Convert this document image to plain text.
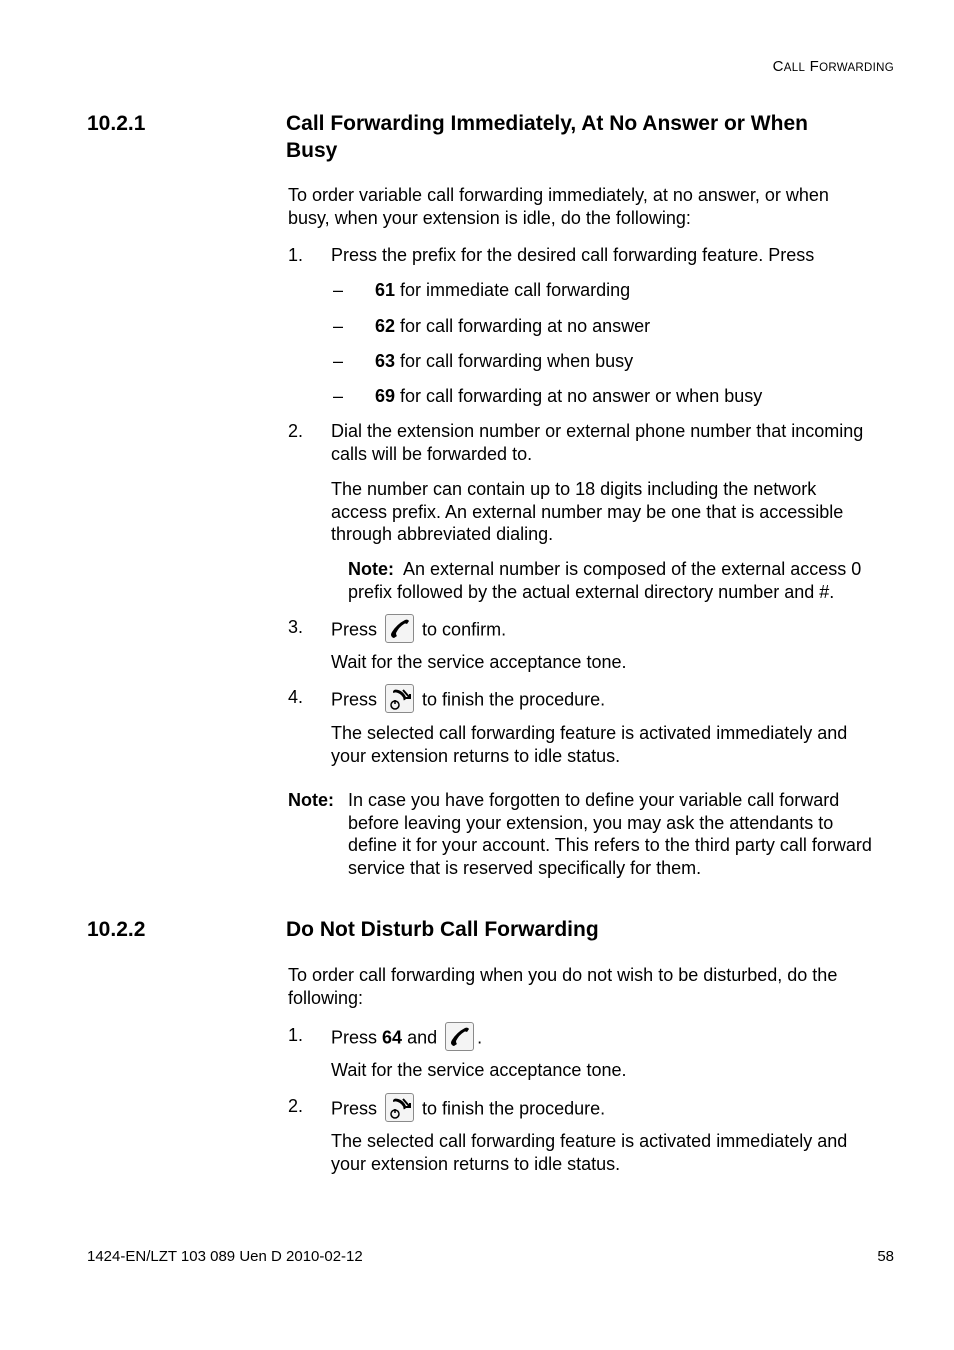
CALL FORWARDING
10.2.1	Call Forwarding Immediately, At No Answer or When
Busy
To order variable call forwarding immediately, at no answer, or when
busy, when your extension is idle, do the following:
1. Press the prefix for the desired call forwarding feature. Press
– 61 for immediate call forwarding
– 62 for call forwarding at no answer
– 63 for call forwarding when busy
– 69 for call forwarding at no answer or when busy
2. Dial the extension number or external phone number that incoming
calls will be forwarded to.
The number can contain up to 18 digits including the network
access prefix. An external number may be one that is accessible
through abbreviated dialing.
Note: An external number is composed of the external access 0
prefix followed by the actual external directory number and #.
3. Press	to confirm.
Wait for the service acceptance tone.
4. Press	to finish the procedure.
The selected call forwarding feature is activated immediately and
your extension returns to idle status.
Note: In case you have forgotten to define your variable call forward
before leaving your extension, you may ask the attendants to
define it for your account. This refers to the third party call forward
service that is reserved specifically for them.
10.2.2	Do Not Disturb Call Forwarding
To order call forwarding when you do not wish to be disturbed, do the
following:
1. Press 64 and .
Wait for the service acceptance tone.
2. Press	to finish the procedure.
The selected call forwarding feature is activated immediately and
your extension returns to idle status.
1424-EN/LZT 103 089 Uen D 2010-02-12	58
